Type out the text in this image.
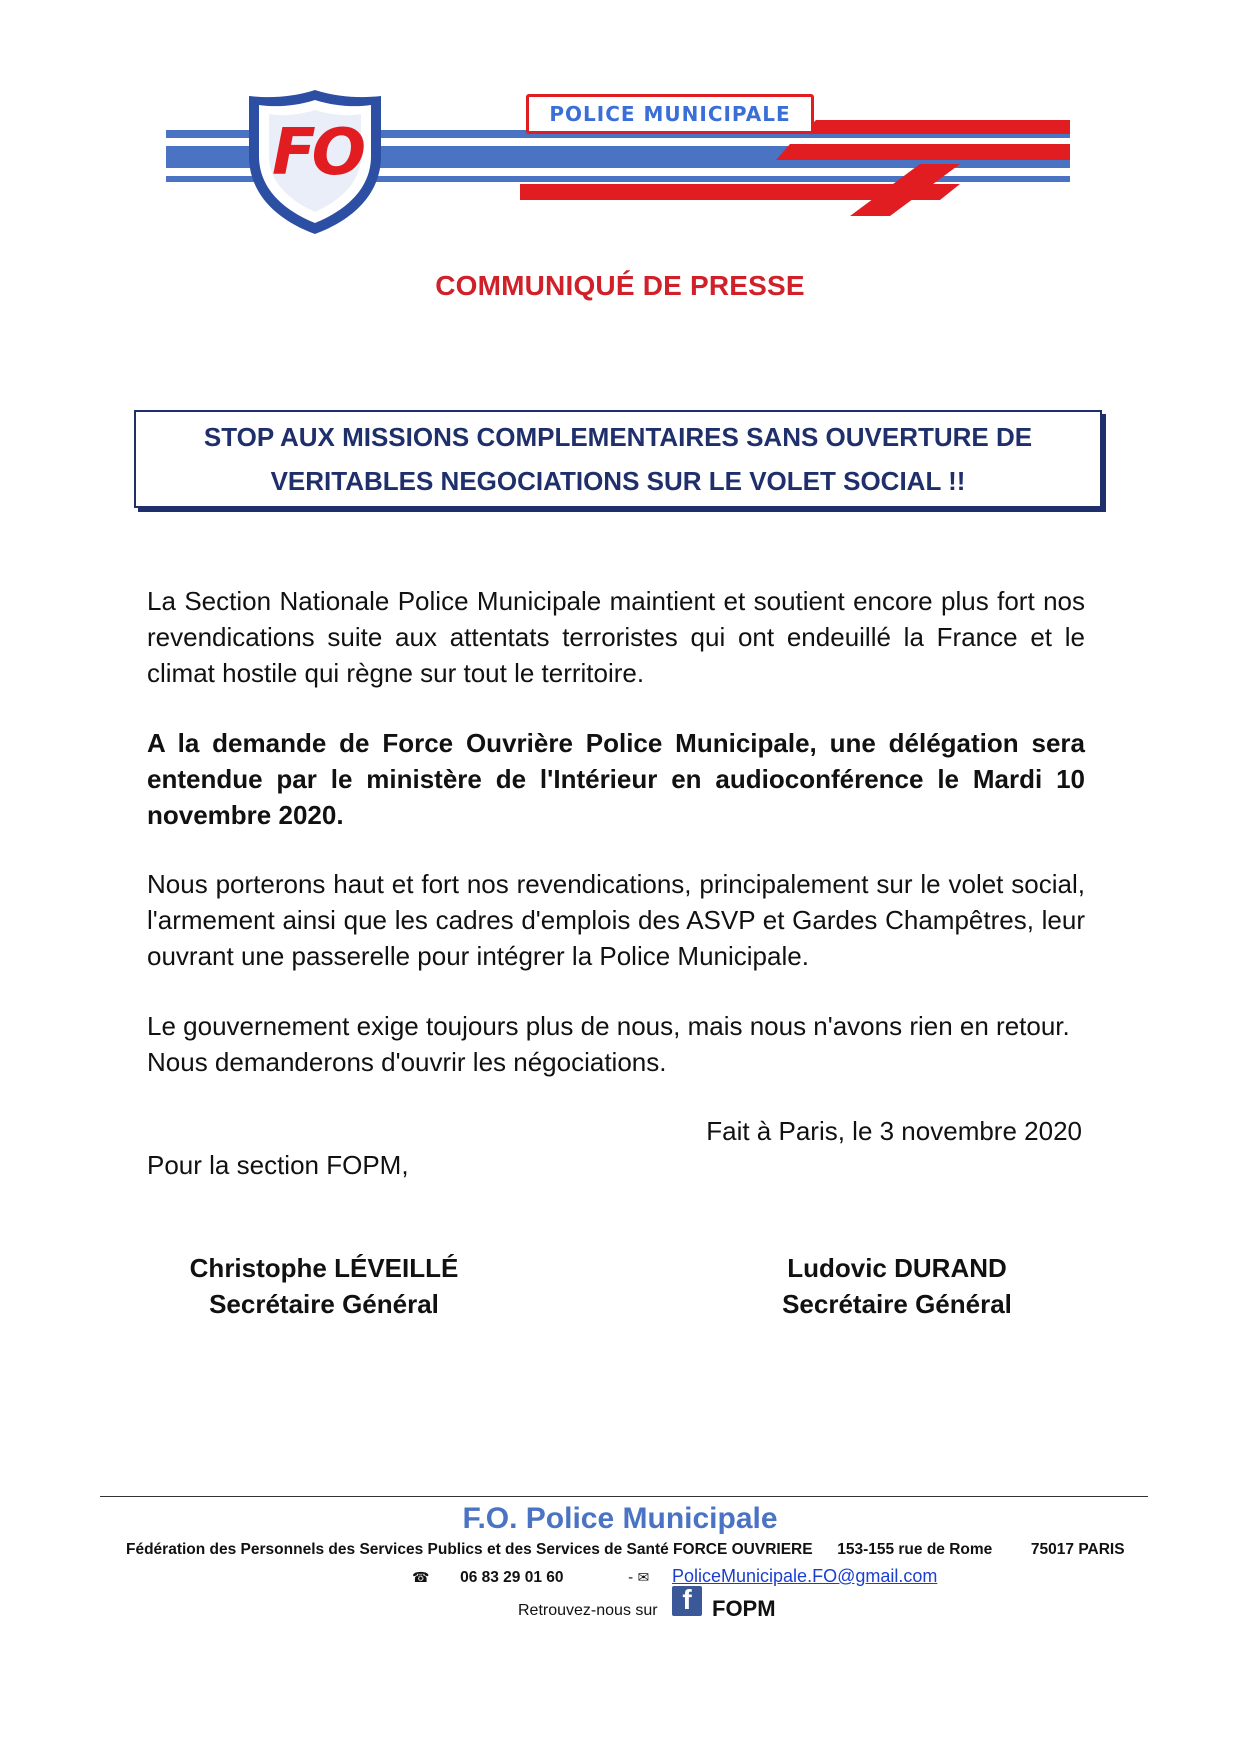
FO
POLICE MUNICIPALE
COMMUNIQUÉ DE PRESSE
STOP AUX MISSIONS COMPLEMENTAIRES SANS OUVERTURE DE
VERITABLES NEGOCIATIONS SUR LE VOLET SOCIAL !!
La Section Nationale Police Municipale maintient et soutient encore plus fort nos revendications suite aux attentats terroristes qui ont endeuillé la France et le climat hostile qui règne sur tout le territoire.
A la demande de Force Ouvrière Police Municipale, une délégation sera entendue par le ministère de l'Intérieur en audioconférence le Mardi 10 novembre 2020.
Nous porterons haut et fort nos revendications, principalement sur le volet social, l'armement ainsi que les cadres d'emplois des ASVP et Gardes Champêtres, leur ouvrant une passerelle pour intégrer la Police Municipale.
Le gouvernement exige toujours plus de nous, mais nous n'avons rien en retour.
Nous demanderons d'ouvrir les négociations.
Fait à Paris, le 3 novembre 2020
Pour la section FOPM,
Christophe LÉVEILLÉ
Secrétaire Général
Ludovic DURAND
Secrétaire Général
F.O. Police Municipale
Fédération des Personnels des Services Publics et des Services de Santé FORCE OUVRIERE 153-155 rue de Rome 75017 PARIS
☎ 06 83 29 01 60	- ✉ PoliceMunicipale.FO@gmail.com
Retrouvez-nous sur f FOPM
